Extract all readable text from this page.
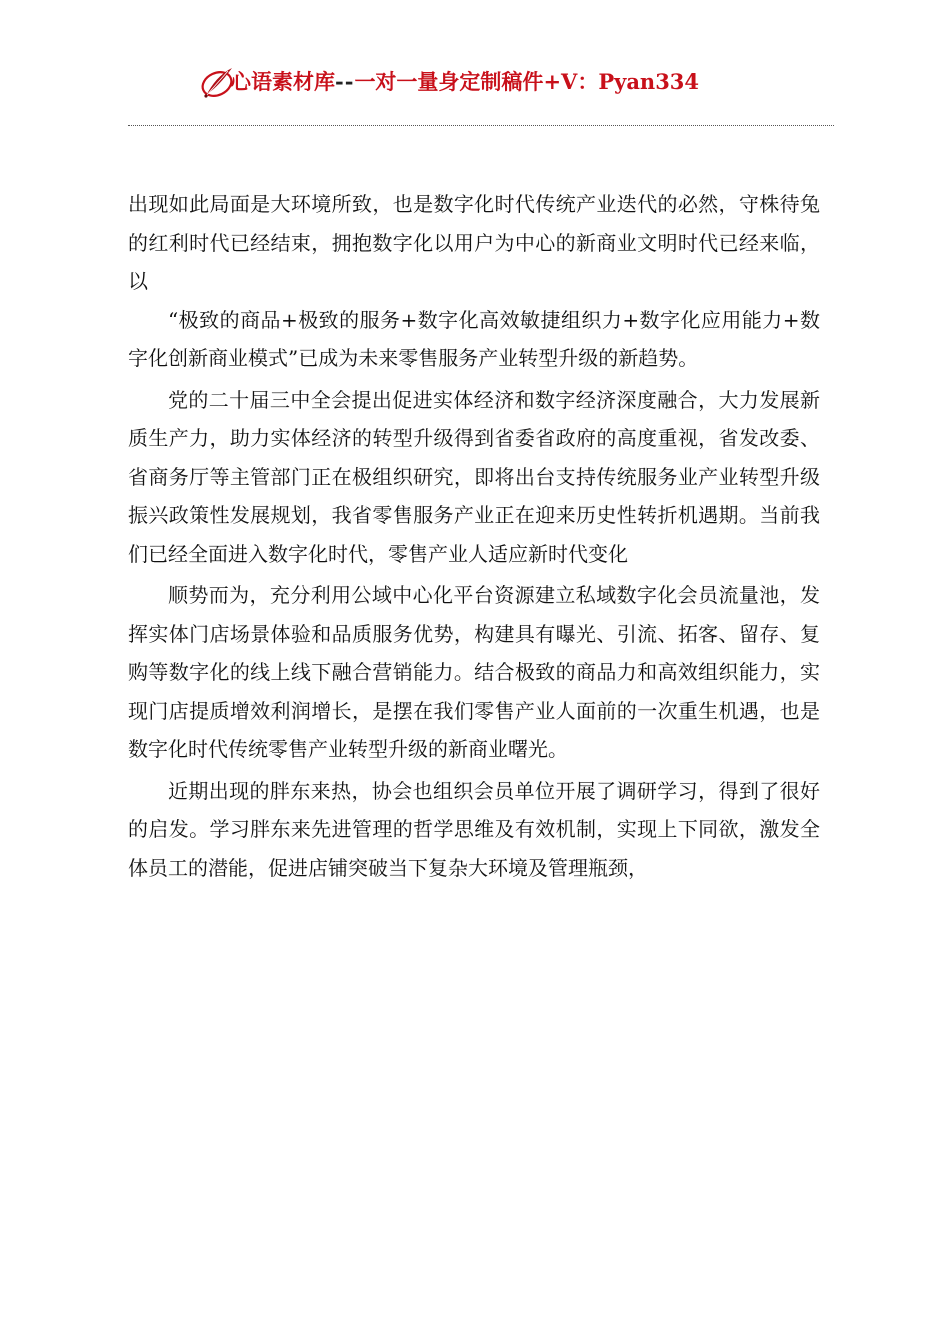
心语素材库--一对一量身定制稿件+V：Pyan334

出现如此局面是大环境所致，也是数字化时代传统产业迭代的必然，守株待兔的红利时代已经结束，拥抱数字化以用户为中心的新商业文明时代已经来临，以

“极致的商品+极致的服务+数字化高效敏捷组织力+数字化应用能力+数字化创新商业模式”已成为未来零售服务产业转型升级的新趋势。

党的二十届三中全会提出促进实体经济和数字经济深度融合，大力发展新质生产力，助力实体经济的转型升级得到省委省政府的高度重视，省发改委、省商务厅等主管部门正在极组织研究，即将出台支持传统服务业产业转型升级振兴政策性发展规划，我省零售服务产业正在迎来历史性转折机遇期。当前我们已经全面进入数字化时代，零售产业人适应新时代变化

顺势而为，充分利用公域中心化平台资源建立私域数字化会员流量池，发挥实体门店场景体验和品质服务优势，构建具有曝光、引流、拓客、留存、复购等数字化的线上线下融合营销能力。结合极致的商品力和高效组织能力，实现门店提质增效利润增长，是摆在我们零售产业人面前的一次重生机遇，也是数字化时代传统零售产业转型升级的新商业曙光。

近期出现的胖东来热，协会也组织会员单位开展了调研学习，得到了很好的启发。学习胖东来先进管理的哲学思维及有效机制，实现上下同欲，激发全体员工的潜能，促进店铺突破当下复杂大环境及管理瓶颈，
